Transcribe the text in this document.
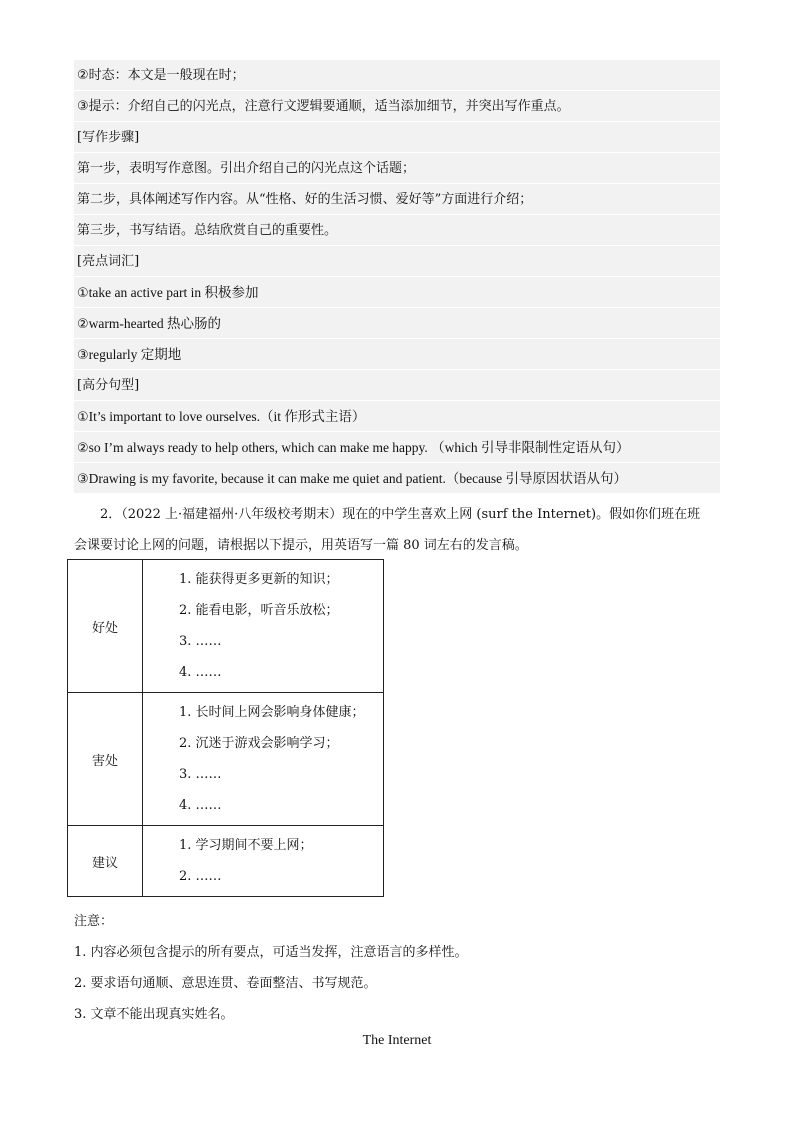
②时态：本文是一般现在时；
③提示：介绍自己的闪光点，注意行文逻辑要通顺，适当添加细节，并突出写作重点。
[写作步骤]
第一步，表明写作意图。引出介绍自己的闪光点这个话题；
第二步，具体阐述写作内容。从“性格、好的生活习惯、爱好等”方面进行介绍；
第三步，书写结语。总结欣赏自己的重要性。
[亮点词汇]
①take an active part in 积极参加
②warm-hearted 热心肠的
③regularly 定期地
[高分句型]
①It’s important to love ourselves.（it 作形式主语）
②so I’m always ready to help others, which can make me happy. （which 引导非限制性定语从句）
③Drawing is my favorite, because it can make me quiet and patient.（because 引导原因状语从句）
2．（2022 上·福建福州·八年级校考期末）现在的中学生喜欢上网 (surf the Internet)。假如你们班在班
会课要讨论上网的问题，请根据以下提示，用英语写一篇 80 词左右的发言稿。
好处	1. 能获得更多更新的知识；
2. 能看电影，听音乐放松；
3. ……
4. ……

害处	1. 长时间上网会影响身体健康；
2. 沉迷于游戏会影响学习；
3. ……
4. ……

建议	1. 学习期间不要上网；
2. ……
注意：
1. 内容必须包含提示的所有要点，可适当发挥，注意语言的多样性。
2. 要求语句通顺、意思连贯、卷面整洁、书写规范。
3. 文章不能出现真实姓名。
The Internet
